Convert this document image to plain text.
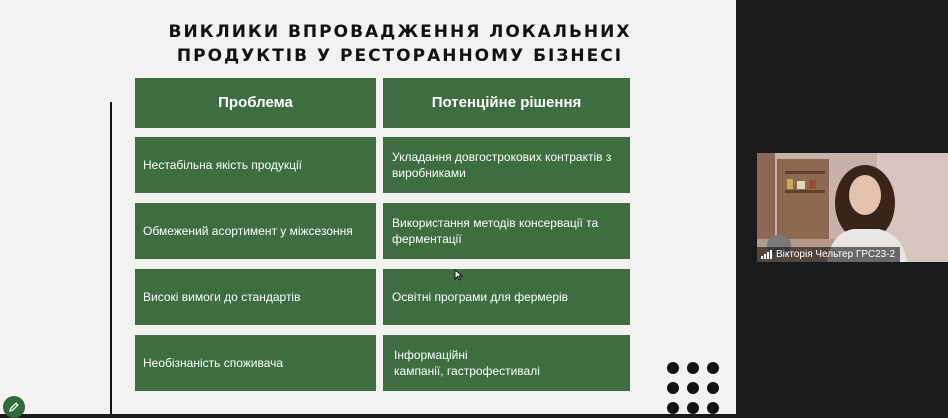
ВИКЛИКИ ВПРОВАДЖЕННЯ ЛОКАЛЬНИХ
ПРОДУКТІВ У РЕСТОРАННОМУ БІЗНЕСІ
Проблема	Потенційне рішення
Нестабільна якість продукції
Укладання довгострокових контрактів з виробниками
Обмежений асортимент у міжсезоння
Використання методів консервації та ферментації
Високі вимоги до стандартів	Освітні програми для фермерів
Необізнаність споживача
Інформаційні
кампанії, гастрофестивалі
Вікторія Чельтер ГРС23-2
